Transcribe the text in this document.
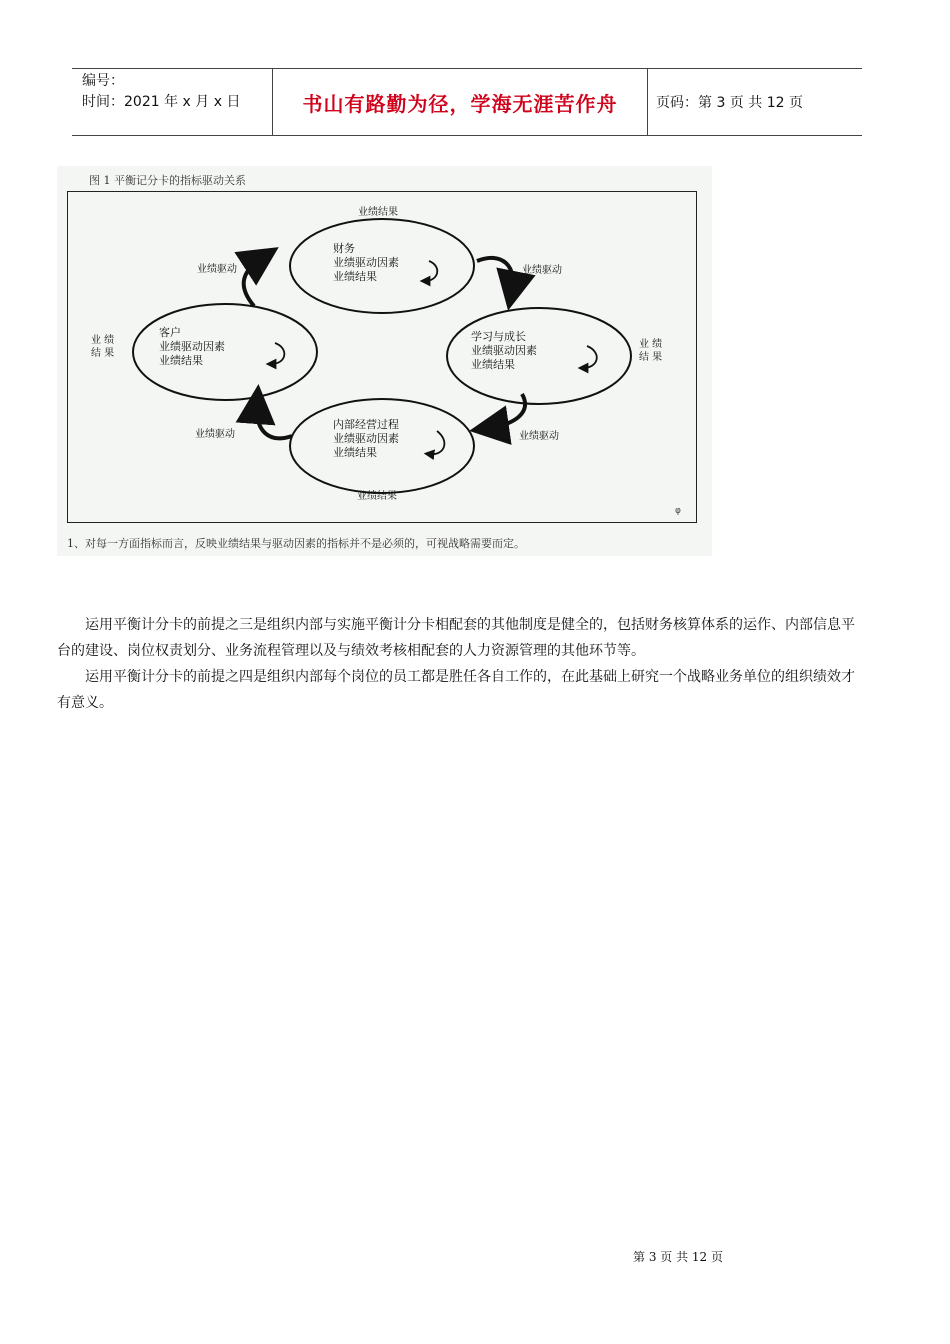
编号：
时间：2021 年 x 月 x 日	书山有路勤为径，学海无涯苦作舟	页码：第 3 页 共 12 页
图 1 平衡记分卡的指标驱动关系
财务
业绩驱动因素
业绩结果
客户
业绩驱动因素
业绩结果
学习与成长
业绩驱动因素
业绩结果
内部经营过程
业绩驱动因素
业绩结果
业绩结果
业绩结果
业 绩
结 果
业 绩
结 果
业绩驱动	业绩驱动
业绩驱动	业绩驱动
φ
1、对每一方面指标而言，反映业绩结果与驱动因素的指标并不是必须的，可视战略需要而定。

运用平衡计分卡的前提之三是组织内部与实施平衡计分卡相配套的其他制度是健全的，包括财务核算体系的运作、内部信息平台的建设、岗位权责划分、业务流程管理以及与绩效考核相配套的人力资源管理的其他环节等。

运用平衡计分卡的前提之四是组织内部每个岗位的员工都是胜任各自工作的，在此基础上研究一个战略业务单位的组织绩效才有意义。

第 3 页 共 12 页
